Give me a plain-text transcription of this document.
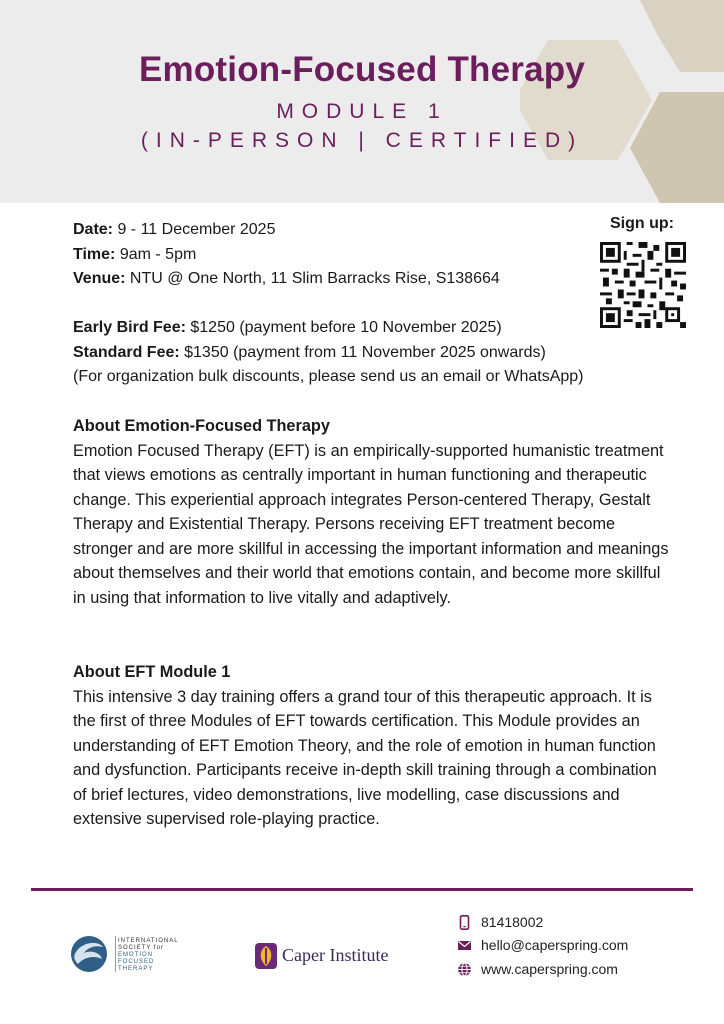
Emotion-Focused Therapy
MODULE 1
(IN-PERSON | CERTIFIED)

Date: 9 - 11 December 2025

Time: 9am - 5pm

Venue: NTU @ One North, 11 Slim Barracks Rise, S138664

Early Bird Fee: $1250 (payment before 10 November 2025)

Standard Fee: $1350 (payment from 11 November 2025 onwards)

(For organization bulk discounts, please send us an email or WhatsApp)

Sign up:

About Emotion-Focused Therapy

Emotion Focused Therapy (EFT) is an empirically-supported humanistic treatment that views emotions as centrally important in human functioning and therapeutic change. This experiential approach integrates Person-centered Therapy, Gestalt Therapy and Existential Therapy. Persons receiving EFT treatment become stronger and are more skillful in accessing the important information and meanings about themselves and their world that emotions contain, and become more skillful in using that information to live vitally and adaptively.

About EFT Module 1

This intensive 3 day training offers a grand tour of this therapeutic approach. It is the first of three Modules of EFT towards certification. This Module provides an understanding of EFT Emotion Theory, and the role of emotion in human function and dysfunction. Participants receive in-depth skill training through a combination of brief lectures, video demonstrations, live modelling, case discussions and extensive supervised role-playing practice.

INTERNATIONAL
SOCIETY for
EMOTION
FOCUSED
THERAPY
Caper Institute
81418002
hello@caperspring.com
www.caperspring.com
